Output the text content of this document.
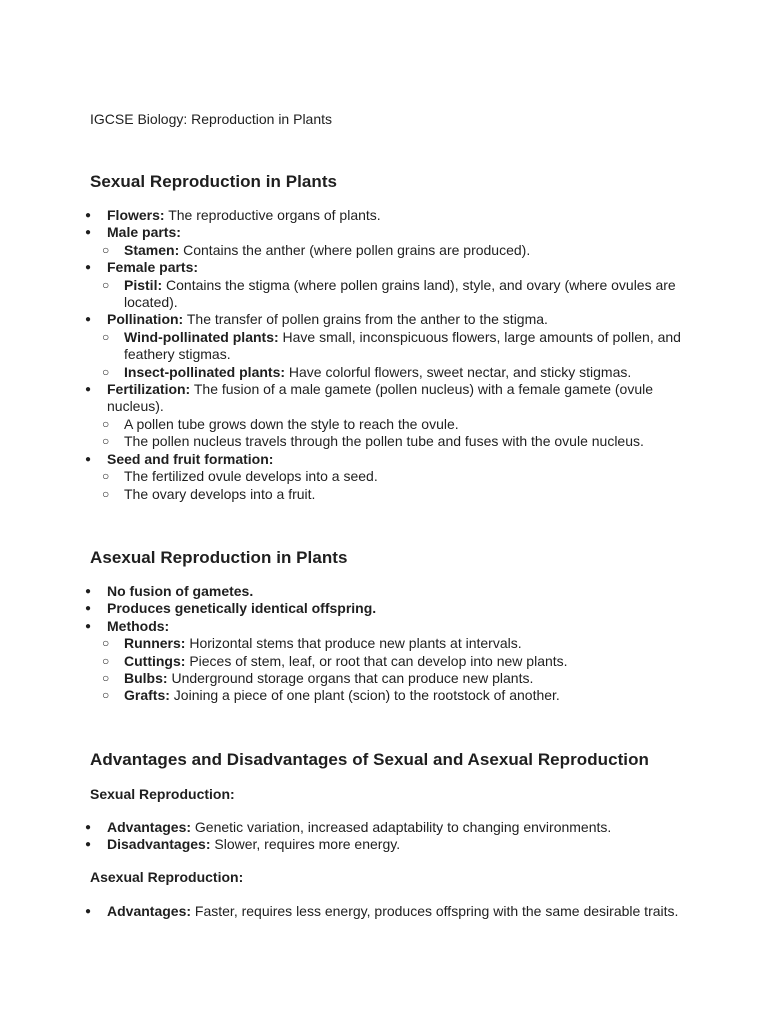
IGCSE Biology: Reproduction in Plants

Sexual Reproduction in Plants
● Flowers: The reproductive organs of plants.
● Male parts:
○ Stamen: Contains the anther (where pollen grains are produced).
● Female parts:
○ Pistil: Contains the stigma (where pollen grains land), style, and ovary (where ovules are located).
● Pollination: The transfer of pollen grains from the anther to the stigma.
○ Wind-pollinated plants: Have small, inconspicuous flowers, large amounts of pollen, and feathery stigmas.
○ Insect-pollinated plants: Have colorful flowers, sweet nectar, and sticky stigmas.
● Fertilization: The fusion of a male gamete (pollen nucleus) with a female gamete (ovule nucleus).
○ A pollen tube grows down the style to reach the ovule.
○ The pollen nucleus travels through the pollen tube and fuses with the ovule nucleus.
● Seed and fruit formation:
○ The fertilized ovule develops into a seed.
○ The ovary develops into a fruit.
Asexual Reproduction in Plants
● No fusion of gametes.
● Produces genetically identical offspring.
● Methods:
○ Runners: Horizontal stems that produce new plants at intervals.
○ Cuttings: Pieces of stem, leaf, or root that can develop into new plants.
○ Bulbs: Underground storage organs that can produce new plants.
○ Grafts: Joining a piece of one plant (scion) to the rootstock of another.
Advantages and Disadvantages of Sexual and Asexual Reproduction
Sexual Reproduction:
● Advantages: Genetic variation, increased adaptability to changing environments.
● Disadvantages: Slower, requires more energy.
Asexual Reproduction:
● Advantages: Faster, requires less energy, produces offspring with the same desirable traits.
